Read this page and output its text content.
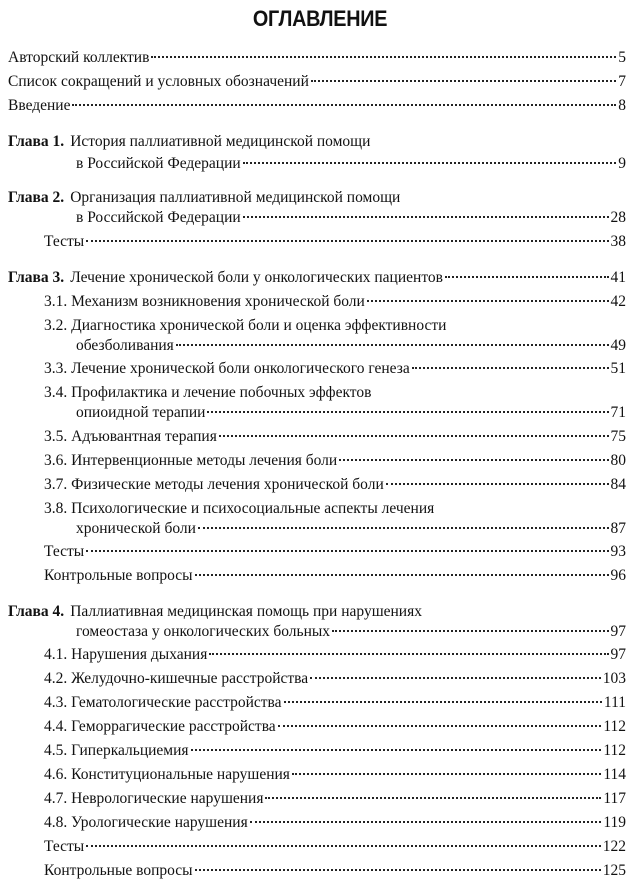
ОГЛАВЛЕНИЕ
Авторский коллектив	5
Список сокращений и условных обозначений	7
Введение	8
Глава 1. История паллиативной медицинской помощи
в Российской Федерации	9
Глава 2. Организация паллиативной медицинской помощи
в Российской Федерации	28
Тесты	38
Глава 3. Лечение хронической боли у онкологических пациентов	41
3.1. Механизм возникновения хронической боли	42
3.2. Диагностика хронической боли и оценка эффективности
обезболивания	49
3.3. Лечение хронической боли онкологического генеза	51
3.4. Профилактика и лечение побочных эффектов
опиоидной терапии	71
3.5. Адъювантная терапия	75
3.6. Интервенционные методы лечения боли	80
3.7. Физические методы лечения хронической боли	84
3.8. Психологические и психосоциальные аспекты лечения
хронической боли	87
Тесты	93
Контрольные вопросы	96
Глава 4. Паллиативная медицинская помощь при нарушениях
гомеостаза у онкологических больных	97
4.1. Нарушения дыхания	97
4.2. Желудочно-кишечные расстройства	103
4.3. Гематологические расстройства	111
4.4. Геморрагические расстройства	112
4.5. Гиперкальциемия	112
4.6. Конституциональные нарушения	114
4.7. Неврологические нарушения	117
4.8. Урологические нарушения	119
Тесты	122
Контрольные вопросы	125
